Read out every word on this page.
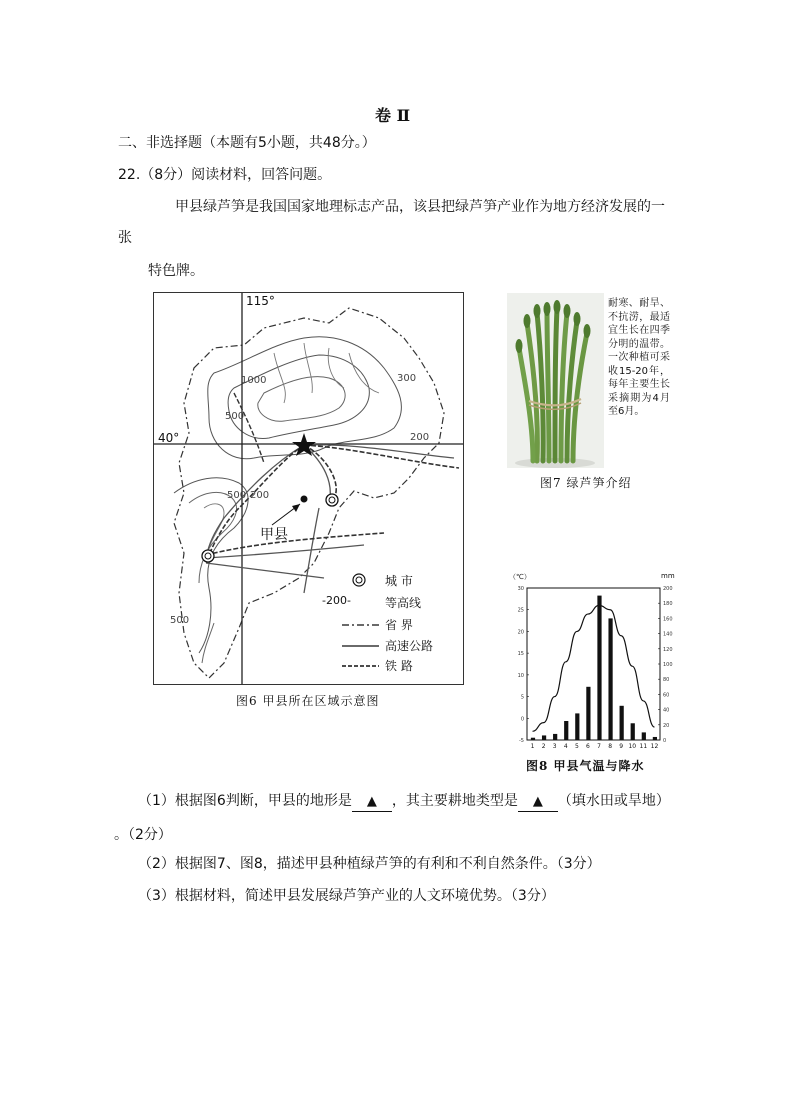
卷 Ⅱ
二、非选择题（本题有5小题，共48分。）
22.（8分）阅读材料，回答问题。
甲县绿芦笋是我国国家地理标志产品，该县把绿芦笋产业作为地方经济发展的一
张
特色牌。
115°
40°
1000
500
300
200
500 200
500
甲县
-200-
城 市
等高线
省 界
高速公路
铁 路
图6 甲县所在区域示意图
耐寒、耐旱、不抗涝，最适宜生长在四季分明的温带。一次种植可采收15-20年，每年主要生长采摘期为4月至6月。
图7 绿芦笋介绍
（℃）	mm
30
25
20
15
10
5
0
-5
200
180
160
140
120
100
80
60
40
20
0
1 2 3 4 5 6 7 8 9 10 11 12
图8 甲县气温与降水
（1）根据图6判断，甲县的地形是 ▲ ，其主要耕地类型是 ▲ （填水田或旱地）
。（2分）
（2）根据图7、图8，描述甲县种植绿芦笋的有利和不利自然条件。（3分）
（3）根据材料，简述甲县发展绿芦笋产业的人文环境优势。（3分）
